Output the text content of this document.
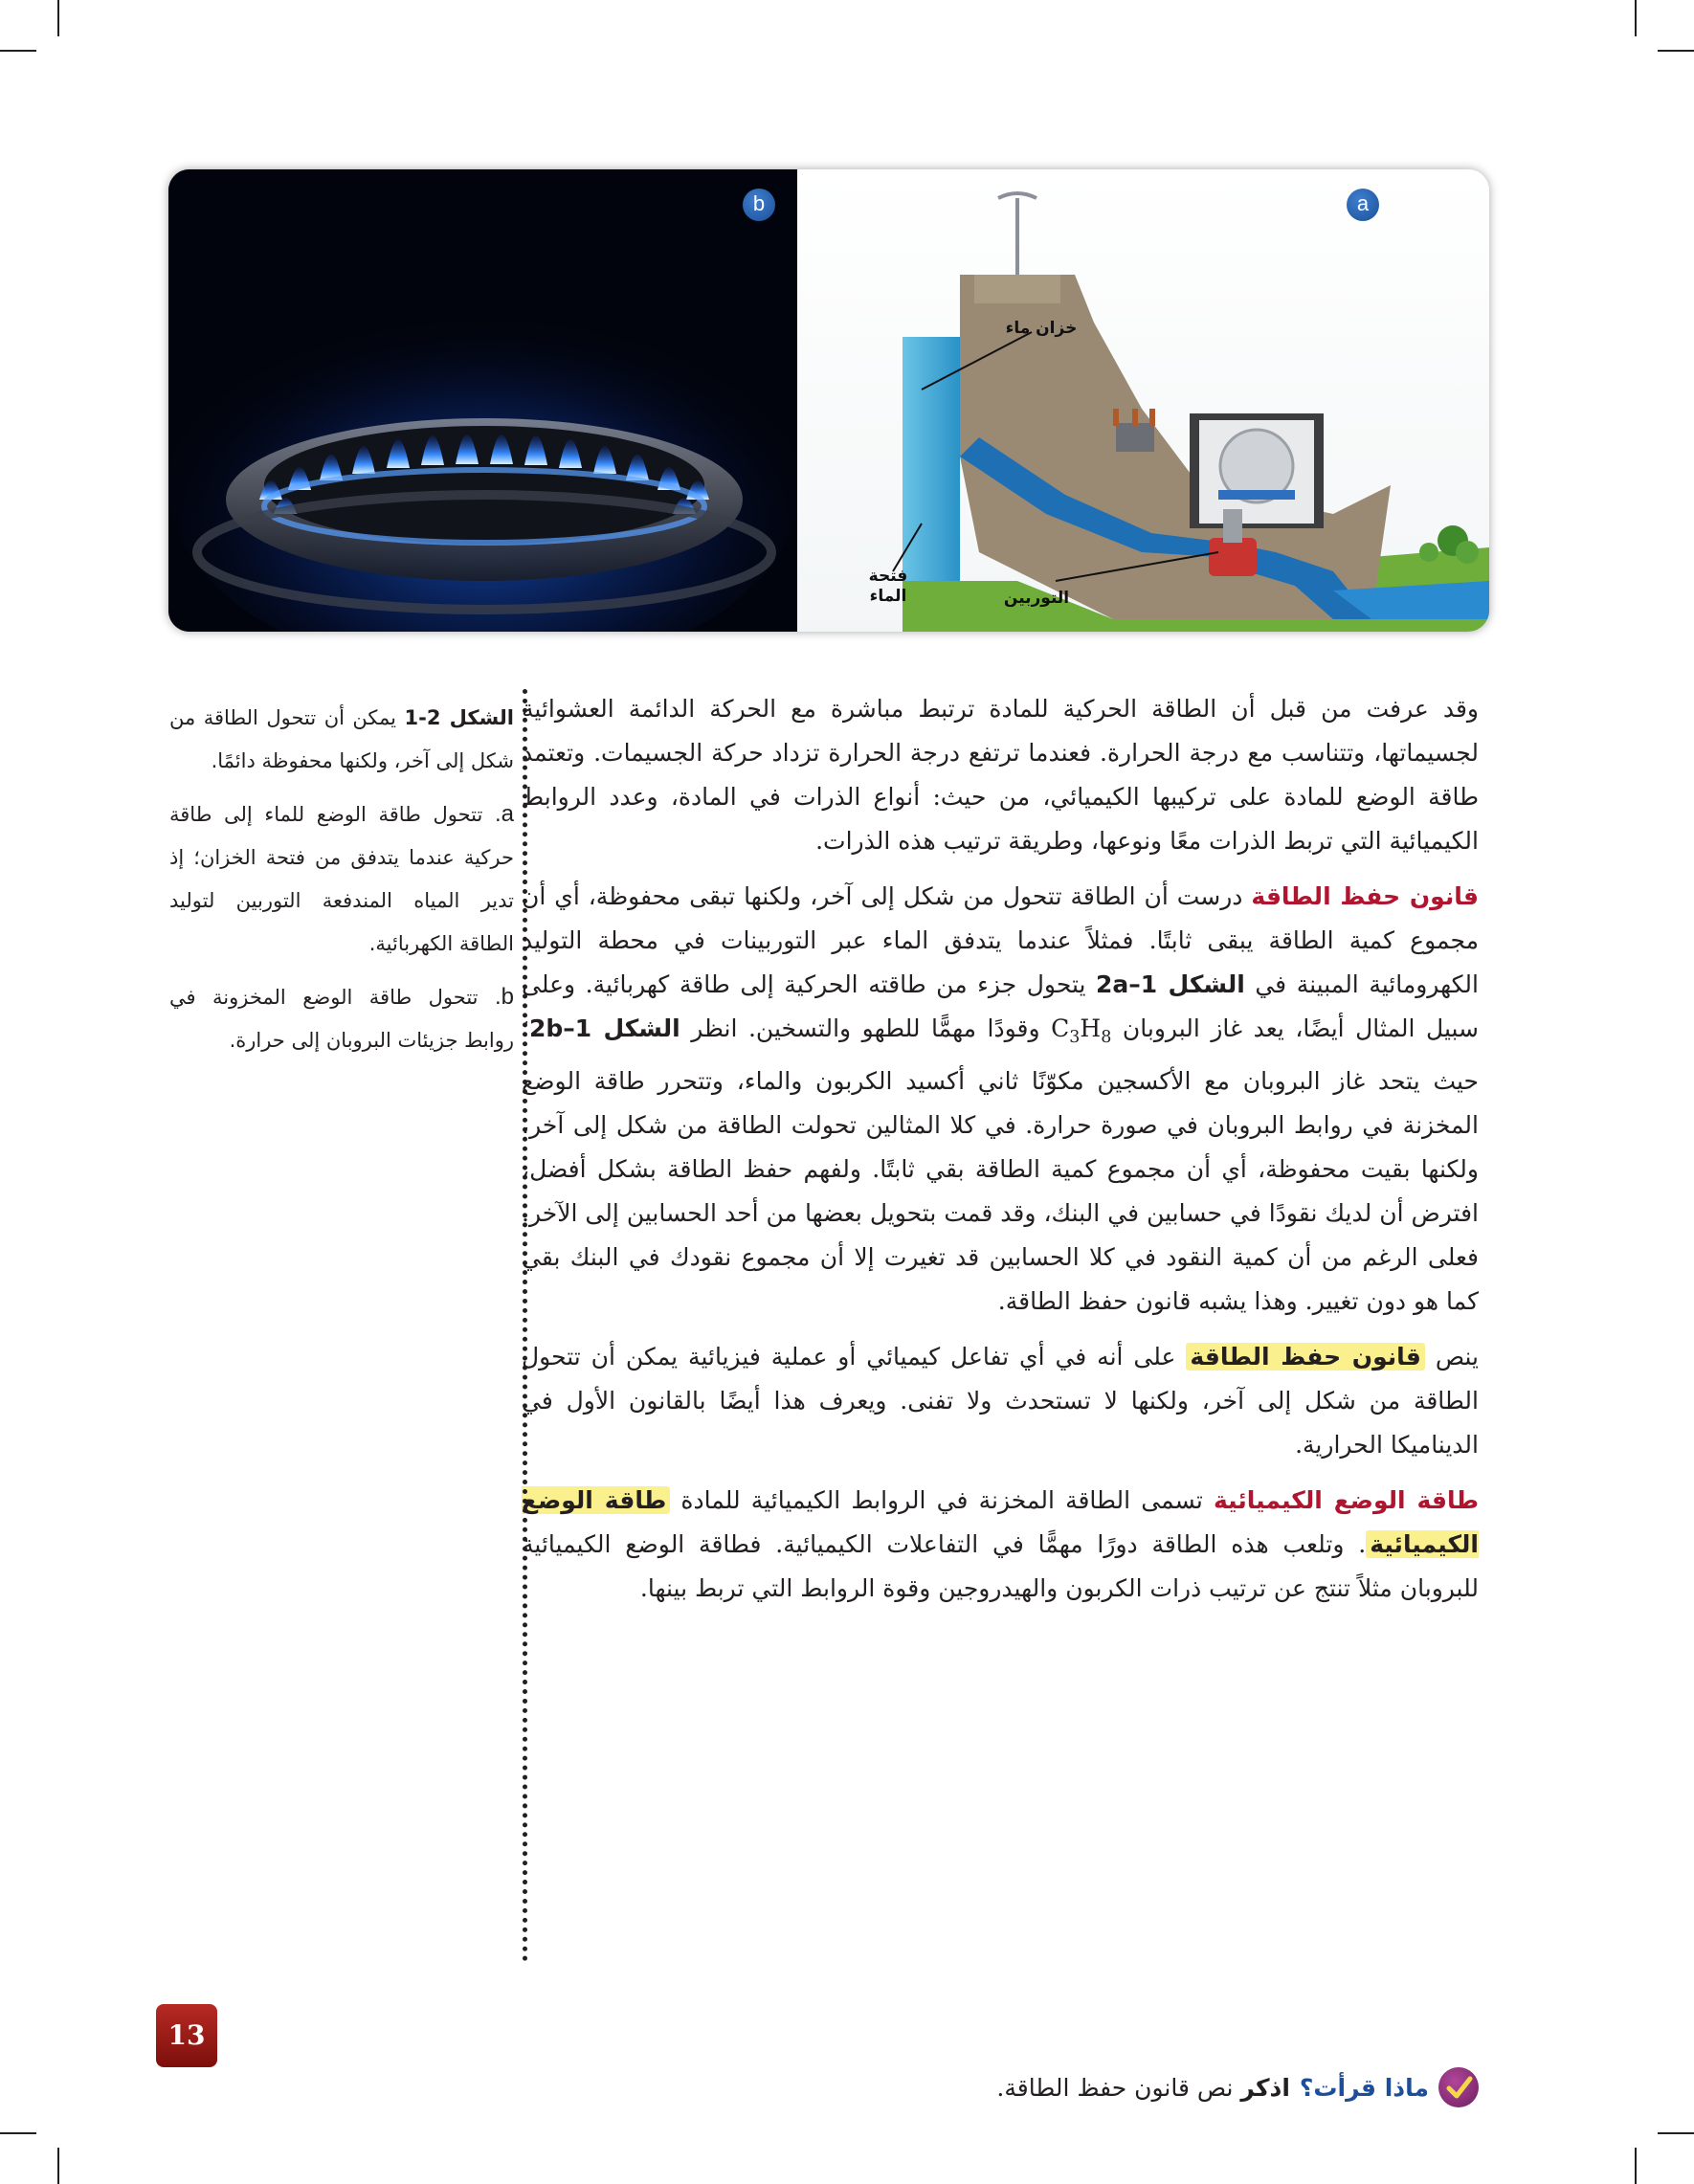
b	a
خزان ماء
فتحة
الماء	التوربين

وقد عرفت من قبل أن الطاقة الحركية للمادة ترتبط مباشرة مع الحركة الدائمة العشوائية لجسيماتها، وتتناسب مع درجة الحرارة. فعندما ترتفع درجة الحرارة تزداد حركة الجسيمات. وتعتمد طاقة الوضع للمادة على تركيبها الكيميائي، من حيث: أنواع الذرات في المادة، وعدد الروابط الكيميائية التي تربط الذرات معًا ونوعها، وطريقة ترتيب هذه الذرات.

قانون حفظ الطاقة درست أن الطاقة تتحول من شكل إلى آخر، ولكنها تبقى محفوظة، أي أن مجموع كمية الطاقة يبقى ثابتًا. فمثلاً عندما يتدفق الماء عبر التوربينات في محطة التوليد الكهرومائية المبينة في الشكل 2a–1 يتحول جزء من طاقته الحركية إلى طاقة كهربائية. وعلى سبيل المثال أيضًا، يعد غاز البروبان $C_3H_8$ وقودًا مهمًّا للطهو والتسخين. انظر الشكل 2b–1؛ حيث يتحد غاز البروبان مع الأكسجين مكوّنًا ثاني أكسيد الكربون والماء، وتتحرر طاقة الوضع المخزنة في روابط البروبان في صورة حرارة. في كلا المثالين تحولت الطاقة من شكل إلى آخر، ولكنها بقيت محفوظة، أي أن مجموع كمية الطاقة بقي ثابتًا. ولفهم حفظ الطاقة بشكل أفضل، افترض أن لديك نقودًا في حسابين في البنك، وقد قمت بتحويل بعضها من أحد الحسابين إلى الآخر. فعلى الرغم من أن كمية النقود في كلا الحسابين قد تغيرت إلا أن مجموع نقودك في البنك بقي كما هو دون تغيير. وهذا يشبه قانون حفظ الطاقة.

ينص قانون حفظ الطاقة على أنه في أي تفاعل كيميائي أو عملية فيزيائية يمكن أن تتحول الطاقة من شكل إلى آخر، ولكنها لا تستحدث ولا تفنى. ويعرف هذا أيضًا بالقانون الأول في الديناميكا الحرارية.

طاقة الوضع الكيميائية تسمى الطاقة المخزنة في الروابط الكيميائية للمادة طاقة الوضع الكيميائية. وتلعب هذه الطاقة دورًا مهمًّا في التفاعلات الكيميائية. فطاقة الوضع الكيميائية للبروبان مثلاً تنتج عن ترتيب ذرات الكربون والهيدروجين وقوة الروابط التي تربط بينها.

ماذا قرأت؟
اذكر نص قانون حفظ الطاقة.

الشكل 2-1 يمكن أن تتحول الطاقة من شكل إلى آخر، ولكنها محفوظة دائمًا.

a. تتحول طاقة الوضع للماء إلى طاقة حركية عندما يتدفق من فتحة الخزان؛ إذ تدير المياه المندفعة التوربين لتوليد الطاقة الكهربائية.

b. تتحول طاقة الوضع المخزونة في روابط جزيئات البروبان إلى حرارة.

13
